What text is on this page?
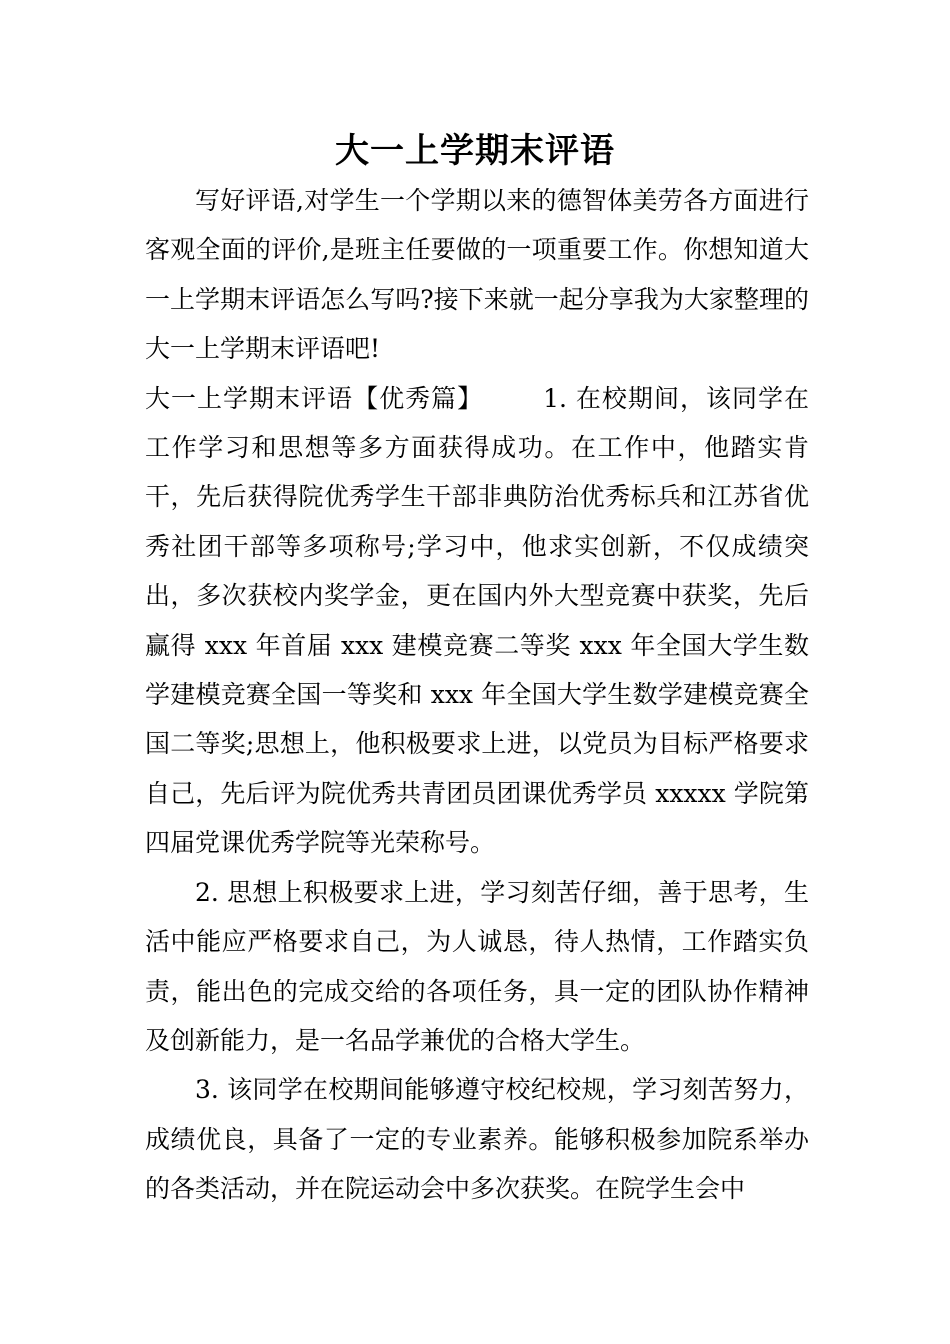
大一上学期末评语

写好评语,对学生一个学期以来的德智体美劳各方面进行客观全面的评价,是班主任要做的一项重要工作。你想知道大一上学期末评语怎么写吗?接下来就一起分享我为大家整理的大一上学期末评语吧!

大一上学期末评语【优秀篇】 1. 在校期间，该同学在工作学习和思想等多方面获得成功。在工作中，他踏实肯干，先后获得院优秀学生干部非典防治优秀标兵和江苏省优秀社团干部等多项称号;学习中，他求实创新，不仅成绩突出，多次获校内奖学金，更在国内外大型竞赛中获奖，先后赢得 xxx 年首届 xxx 建模竞赛二等奖 xxx 年全国大学生数学建模竞赛全国一等奖和 xxx 年全国大学生数学建模竞赛全国二等奖;思想上，他积极要求上进，以党员为目标严格要求自己，先后评为院优秀共青团员团课优秀学员 xxxxx 学院第四届党课优秀学院等光荣称号。

2. 思想上积极要求上进，学习刻苦仔细，善于思考，生活中能应严格要求自己，为人诚恳，待人热情，工作踏实负责，能出色的完成交给的各项任务，具一定的团队协作精神及创新能力，是一名品学兼优的合格大学生。

3. 该同学在校期间能够遵守校纪校规，学习刻苦努力，成绩优良，具备了一定的专业素养。能够积极参加院系举办的各类活动，并在院运动会中多次获奖。在院学生会中
